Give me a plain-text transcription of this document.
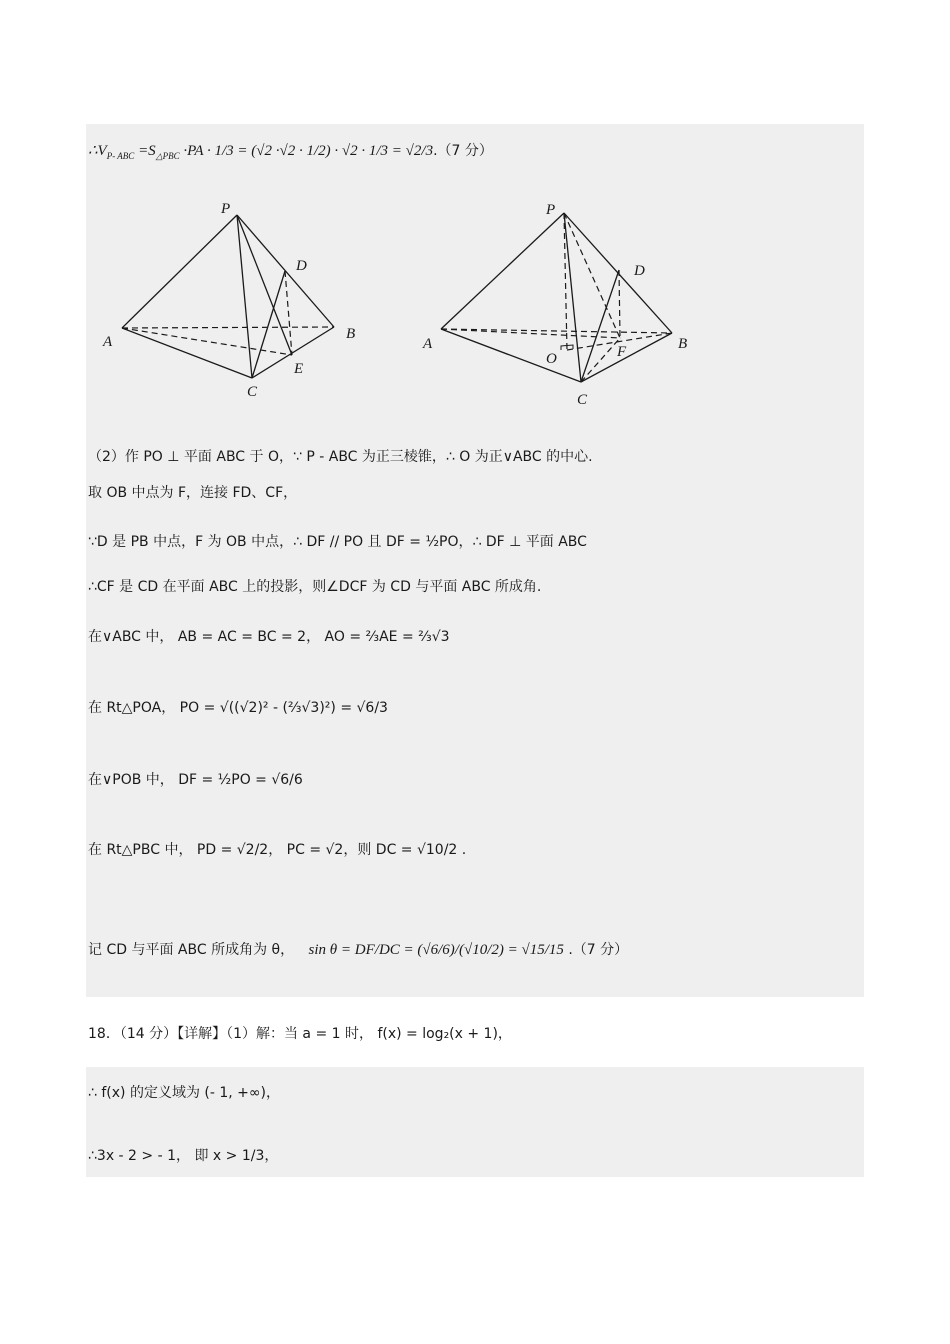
$\therefore V_{P- ABC} =S_{\triangle PBC} \cdot PA \cdot 1/3 = (√2 \cdot√2 \cdot 1/2) \cdot √2 \cdot 1/3 = √2/3.(7$ 分）
P
D
A	B
E
C
P
D
A
O	F	B
C
（2）作 PO ⊥ 平面 ABC 于 O，∵ P - ABC 为正三棱锥，∴ O 为正∨ABC 的中心.
取 OB 中点为 F，连接 FD、CF，
∵D 是 PB 中点，F 为 OB 中点，∴ DF // PO 且 DF = ½PO，∴ DF ⊥ 平面 ABC
∴CF 是 CD 在平面 ABC 上的投影，则∠DCF 为 CD 与平面 ABC 所成角.
在∨ABC 中， AB = AC = BC = 2， AO = ⅔AE = ⅔√3
在 Rt△POA， PO = √((√2)² - (⅔√3)²) = √6/3
在∨POB 中， DF = ½PO = √6/6
在 Rt△PBC 中， PD = √2/2， PC = √2，则 DC = √10/2 .
记 CD 与平面 ABC 所成角为 θ， sin θ = DF/DC = (√6/6)/(√10/2) = √15/15 .（7 分）
18．（14 分）【详解】（1）解：当 a = 1 时， f(x) = log₂(x + 1)，
∴ f(x) 的定义域为 (- 1, +∞)，
∴3x - 2 > - 1， 即 x > 1/3，
